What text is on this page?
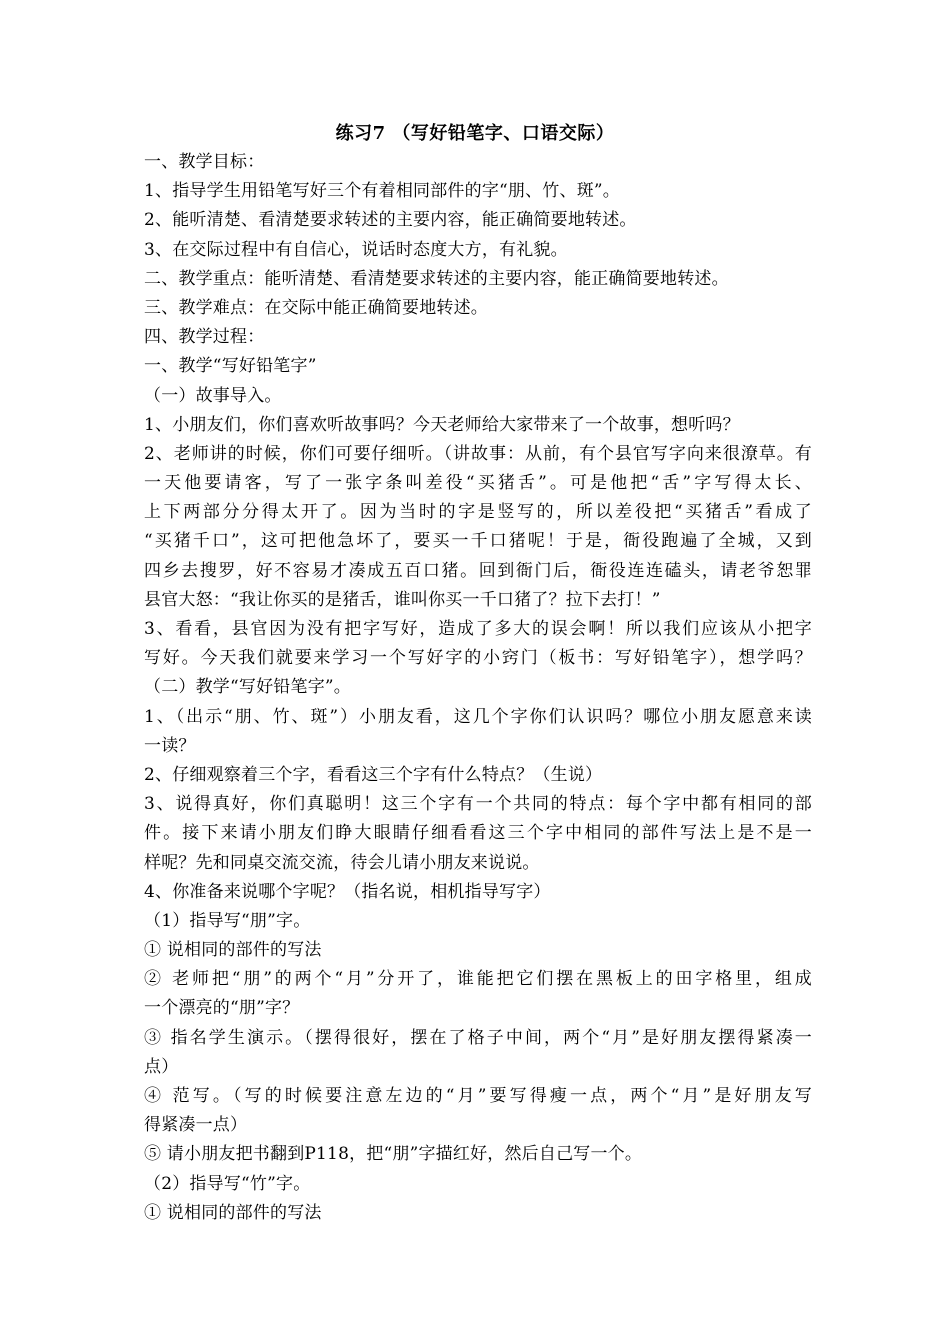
练习7 （写好铅笔字、口语交际）
一、教学目标：
1、指导学生用铅笔写好三个有着相同部件的字“朋、竹、斑”。
2、能听清楚、看清楚要求转述的主要内容，能正确简要地转述。
3、在交际过程中有自信心，说话时态度大方，有礼貌。
二、教学重点：能听清楚、看清楚要求转述的主要内容，能正确简要地转述。
三、教学难点：在交际中能正确简要地转述。
四、教学过程：
一、教学“写好铅笔字”
（一）故事导入。
1、小朋友们，你们喜欢听故事吗？今天老师给大家带来了一个故事，想听吗？
2、老师讲的时候，你们可要仔细听。（讲故事：从前，有个县官写字向来很潦草。有
一天他要请客，写了一张字条叫差役“买猪舌”。可是他把“舌”字写得太长、
上下两部分分得太开了。因为当时的字是竖写的，所以差役把“买猪舌”看成了
“买猪千口”，这可把他急坏了，要买一千口猪呢！于是，衙役跑遍了全城，又到
四乡去搜罗，好不容易才凑成五百口猪。回到衙门后，衙役连连磕头，请老爷恕罪
县官大怒：“我让你买的是猪舌，谁叫你买一千口猪了？拉下去打！”
3、看看，县官因为没有把字写好，造成了多大的误会啊！所以我们应该从小把字
写好。今天我们就要来学习一个写好字的小窍门（板书：写好铅笔字），想学吗？
（二）教学“写好铅笔字”。
1、（出示“朋、竹、斑”）小朋友看，这几个字你们认识吗？哪位小朋友愿意来读
一读？
2、仔细观察着三个字，看看这三个字有什么特点？（生说）
3、说得真好，你们真聪明！这三个字有一个共同的特点：每个字中都有相同的部
件。接下来请小朋友们睁大眼睛仔细看看这三个字中相同的部件写法上是不是一
样呢？先和同桌交流交流，待会儿请小朋友来说说。
4、你准备来说哪个字呢？（指名说，相机指导写字）
（1）指导写“朋”字。
① 说相同的部件的写法
② 老师把“朋”的两个“月”分开了，谁能把它们摆在黑板上的田字格里，组成
一个漂亮的“朋”字？
③ 指名学生演示。（摆得很好，摆在了格子中间，两个“月”是好朋友摆得紧凑一
点）
④ 范写。（写的时候要注意左边的“月”要写得瘦一点，两个“月”是好朋友写
得紧凑一点）
⑤ 请小朋友把书翻到P118，把“朋”字描红好，然后自己写一个。
（2）指导写“竹”字。
① 说相同的部件的写法
